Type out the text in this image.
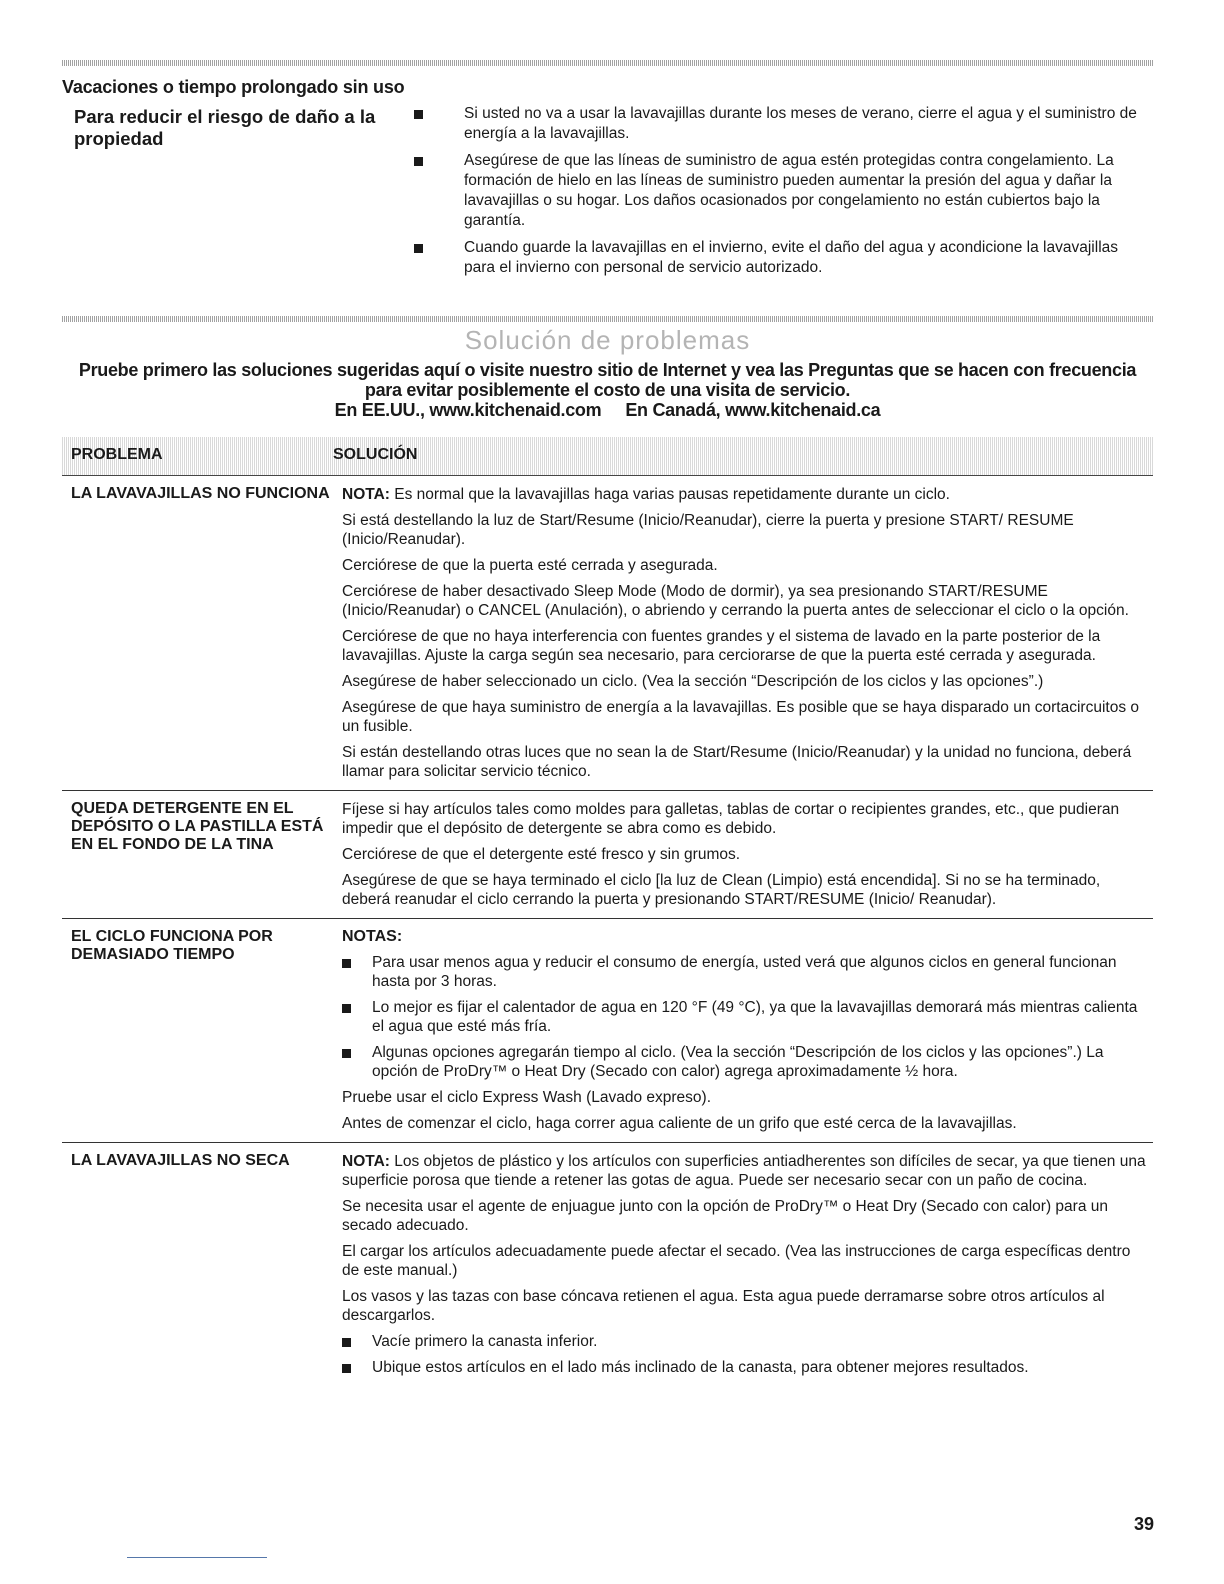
Vacaciones o tiempo prolongado sin uso
Para reducir el riesgo de daño a la propiedad
Si usted no va a usar la lavavajillas durante los meses de verano, cierre el agua y el suministro de energía a la lavavajillas.
Asegúrese de que las líneas de suministro de agua estén protegidas contra congelamiento. La formación de hielo en las líneas de suministro pueden aumentar la presión del agua y dañar la lavavajillas o su hogar. Los daños ocasionados por congelamiento no están cubiertos bajo la garantía.
Cuando guarde la lavavajillas en el invierno, evite el daño del agua y acondicione la lavavajillas para el invierno con personal de servicio autorizado.
Solución de problemas
Pruebe primero las soluciones sugeridas aquí o visite nuestro sitio de Internet y vea las Preguntas que se hacen con frecuencia para evitar posiblemente el costo de una visita de servicio.
En EE.UU., www.kitchenaid.com En Canadá, www.kitchenaid.ca
PROBLEMA	SOLUCIÓN
LA LAVAVAJILLAS NO FUNCIONA NOTA: Es normal que la lavavajillas haga varias pausas repetidamente durante un ciclo.

Si está destellando la luz de Start/Resume (Inicio/Reanudar), cierre la puerta y presione START/ RESUME (Inicio/Reanudar).

Cerciórese de que la puerta esté cerrada y asegurada.

Cerciórese de haber desactivado Sleep Mode (Modo de dormir), ya sea presionando START/RESUME (Inicio/Reanudar) o CANCEL (Anulación), o abriendo y cerrando la puerta antes de seleccionar el ciclo o la opción.

Cerciórese de que no haya interferencia con fuentes grandes y el sistema de lavado en la parte posterior de la lavavajillas. Ajuste la carga según sea necesario, para cerciorarse de que la puerta esté cerrada y asegurada.

Asegúrese de haber seleccionado un ciclo. (Vea la sección “Descripción de los ciclos y las opciones”.)

Asegúrese de que haya suministro de energía a la lavavajillas. Es posible que se haya disparado un cortacircuitos o un fusible.

Si están destellando otras luces que no sean la de Start/Resume (Inicio/Reanudar) y la unidad no funciona, deberá llamar para solicitar servicio técnico.

QUEDA DETERGENTE EN EL DEPÓSITO O LA PASTILLA ESTÁ EN EL FONDO DE LA TINA

Fíjese si hay artículos tales como moldes para galletas, tablas de cortar o recipientes grandes, etc., que pudieran impedir que el depósito de detergente se abra como es debido.

Cerciórese de que el detergente esté fresco y sin grumos.

Asegúrese de que se haya terminado el ciclo [la luz de Clean (Limpio) está encendida]. Si no se ha terminado, deberá reanudar el ciclo cerrando la puerta y presionando START/RESUME (Inicio/ Reanudar).

EL CICLO FUNCIONA POR DEMASIADO TIEMPO
NOTAS:
Para usar menos agua y reducir el consumo de energía, usted verá que algunos ciclos en general funcionan hasta por 3 horas.
Lo mejor es fijar el calentador de agua en 120 °F (49 °C), ya que la lavavajillas demorará más mientras calienta el agua que esté más fría.
Algunas opciones agregarán tiempo al ciclo. (Vea la sección “Descripción de los ciclos y las opciones”.) La opción de ProDry™ o Heat Dry (Secado con calor) agrega aproximadamente ½ hora.

Pruebe usar el ciclo Express Wash (Lavado expreso).

Antes de comenzar el ciclo, haga correr agua caliente de un grifo que esté cerca de la lavavajillas.

LA LAVAVAJILLAS NO SECA	NOTA: Los objetos de plástico y los artículos con superficies antiadherentes son difíciles de secar, ya que tienen una superficie porosa que tiende a retener las gotas de agua. Puede ser necesario secar con un paño de cocina.

Se necesita usar el agente de enjuague junto con la opción de ProDry™ o Heat Dry (Secado con calor) para un secado adecuado.

El cargar los artículos adecuadamente puede afectar el secado. (Vea las instrucciones de carga específicas dentro de este manual.)

Los vasos y las tazas con base cóncava retienen el agua. Esta agua puede derramarse sobre otros artículos al descargarlos.

Vacíe primero la canasta inferior.
Ubique estos artículos en el lado más inclinado de la canasta, para obtener mejores resultados.
39
